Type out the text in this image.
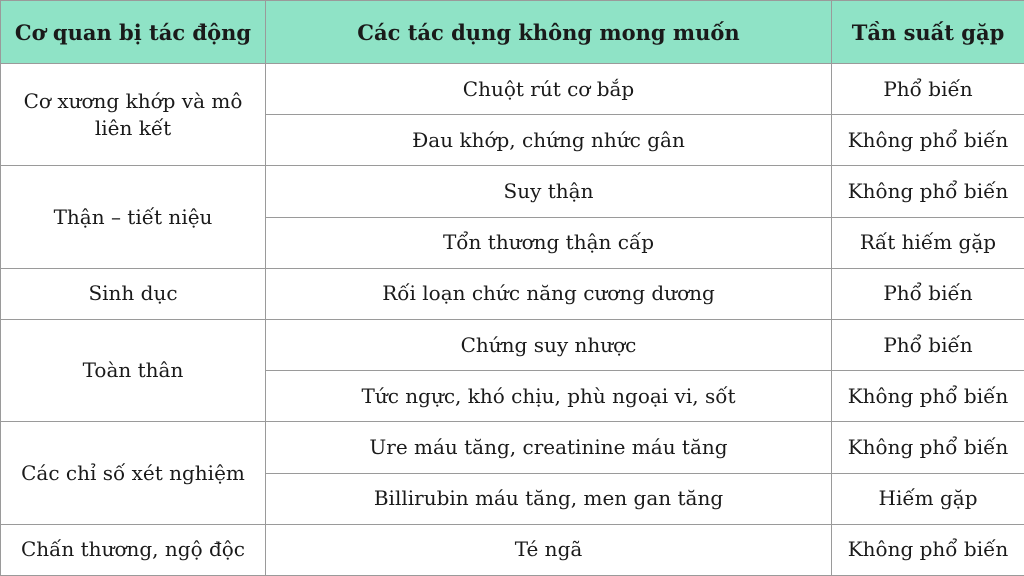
Cơ quan bị tác động	Các tác dụng không mong muốn	Tần suất gặp
Cơ xương khớp và mô liên kết	Chuột rút cơ bắp	Phổ biến
	Đau khớp, chứng nhức gân	Không phổ biến
Thận – tiết niệu	Suy thận	Không phổ biến
	Tổn thương thận cấp	Rất hiếm gặp
Sinh dục	Rối loạn chức năng cương dương	Phổ biến
Toàn thân	Chứng suy nhược	Phổ biến
	Tức ngực, khó chịu, phù ngoại vi, sốt	Không phổ biến
Các chỉ số xét nghiệm	Ure máu tăng, creatinine máu tăng	Không phổ biến
	Billirubin máu tăng, men gan tăng	Hiếm gặp
Chấn thương, ngộ độc	Té ngã	Không phổ biến
